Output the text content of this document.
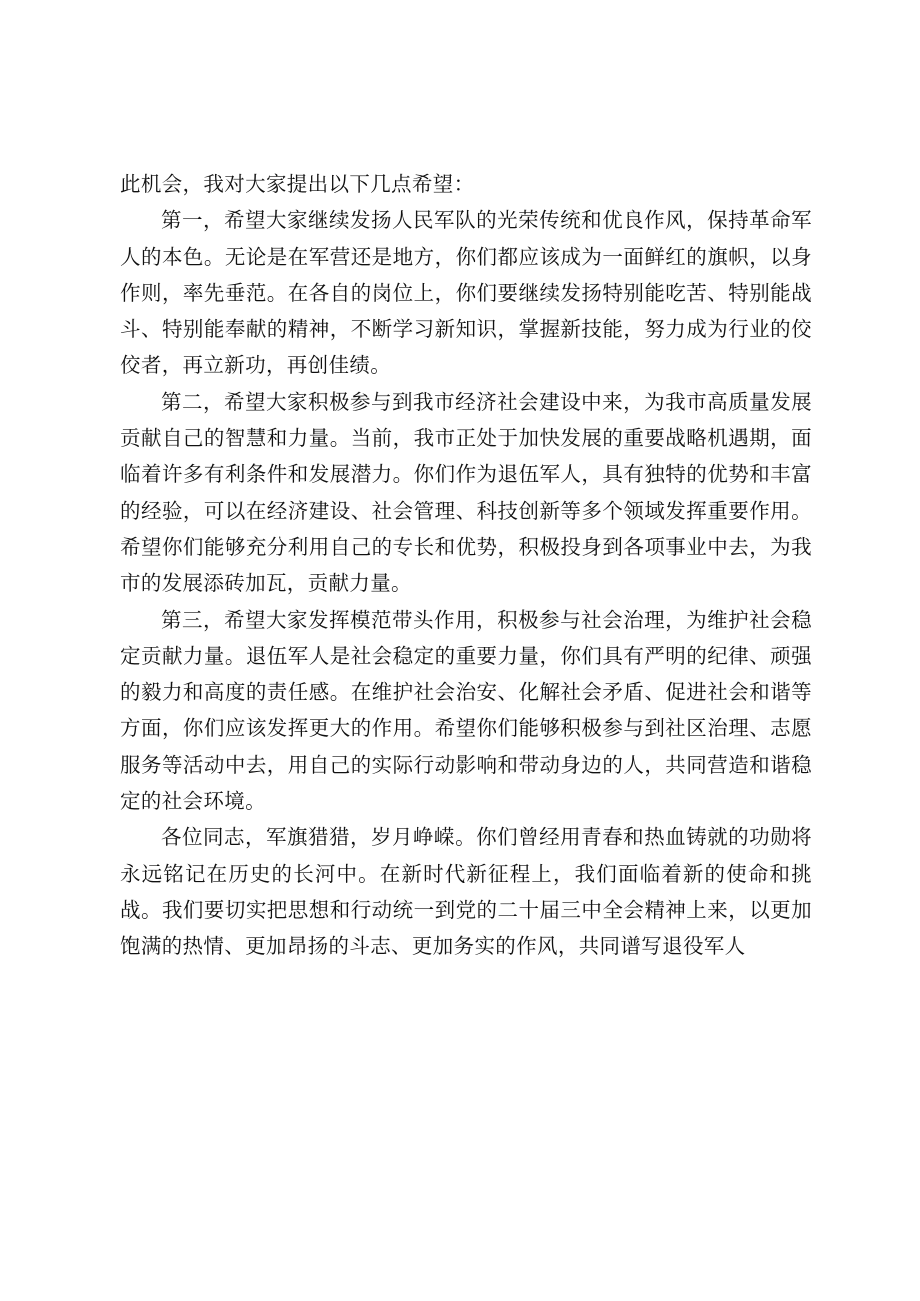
此机会，我对大家提出以下几点希望：

第一，希望大家继续发扬人民军队的光荣传统和优良作风，保持革命军人的本色。无论是在军营还是地方，你们都应该成为一面鲜红的旗帜，以身作则，率先垂范。在各自的岗位上，你们要继续发扬特别能吃苦、特别能战斗、特别能奉献的精神，不断学习新知识，掌握新技能，努力成为行业的佼佼者，再立新功，再创佳绩。

第二，希望大家积极参与到我市经济社会建设中来，为我市高质量发展贡献自己的智慧和力量。当前，我市正处于加快发展的重要战略机遇期，面临着许多有利条件和发展潜力。你们作为退伍军人，具有独特的优势和丰富的经验，可以在经济建设、社会管理、科技创新等多个领域发挥重要作用。希望你们能够充分利用自己的专长和优势，积极投身到各项事业中去，为我市的发展添砖加瓦，贡献力量。

第三，希望大家发挥模范带头作用，积极参与社会治理，为维护社会稳定贡献力量。退伍军人是社会稳定的重要力量，你们具有严明的纪律、顽强的毅力和高度的责任感。在维护社会治安、化解社会矛盾、促进社会和谐等方面，你们应该发挥更大的作用。希望你们能够积极参与到社区治理、志愿服务等活动中去，用自己的实际行动影响和带动身边的人，共同营造和谐稳定的社会环境。

各位同志，军旗猎猎，岁月峥嵘。你们曾经用青春和热血铸就的功勋将永远铭记在历史的长河中。在新时代新征程上，我们面临着新的使命和挑战。我们要切实把思想和行动统一到党的二十届三中全会精神上来，以更加饱满的热情、更加昂扬的斗志、更加务实的作风，共同谱写退役军人
